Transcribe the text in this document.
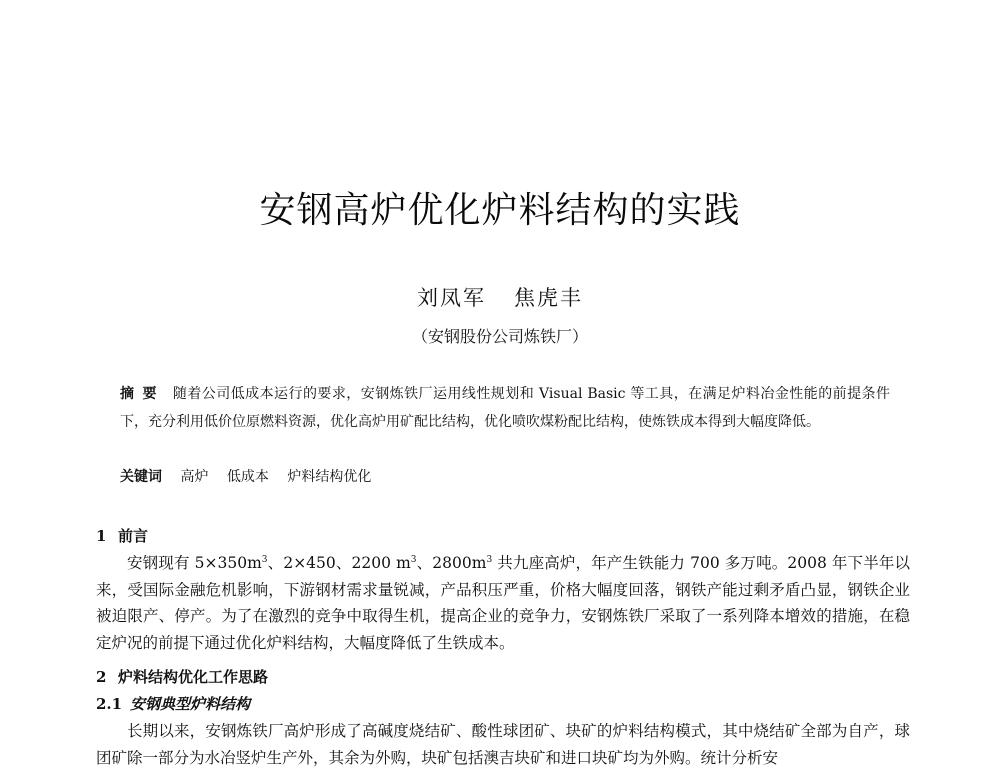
安钢高炉优化炉料结构的实践
刘凤军 焦虎丰
（安钢股份公司炼铁厂）
摘要 随着公司低成本运行的要求，安钢炼铁厂运用线性规划和 Visual Basic 等工具，在满足炉料冶金性能的前提条件下，充分利用低价位原燃料资源，优化高炉用矿配比结构，优化喷吹煤粉配比结构，使炼铁成本得到大幅度降低。
关键词 高炉 低成本 炉料结构优化
1 前言
安钢现有 $5\times 350m^3$、2×450、2200 $m^3$、$2800m^3$ 共九座高炉，年产生铁能力 700 多万吨。2008 年下半年以来，受国际金融危机影响，下游钢材需求量锐减，产品积压严重，价格大幅度回落，钢铁产能过剩矛盾凸显，钢铁企业被迫限产、停产。为了在激烈的竞争中取得生机，提高企业的竞争力，安钢炼铁厂采取了一系列降本增效的措施，在稳定炉况的前提下通过优化炉料结构，大幅度降低了生铁成本。
2 炉料结构优化工作思路
2.1 安钢典型炉料结构
长期以来，安钢炼铁厂高炉形成了高碱度烧结矿、酸性球团矿、块矿的炉料结构模式，其中烧结矿全部为自产，球团矿除一部分为水冶竖炉生产外，其余为外购，块矿包括澳吉块矿和进口块矿均为外购。统计分析安
